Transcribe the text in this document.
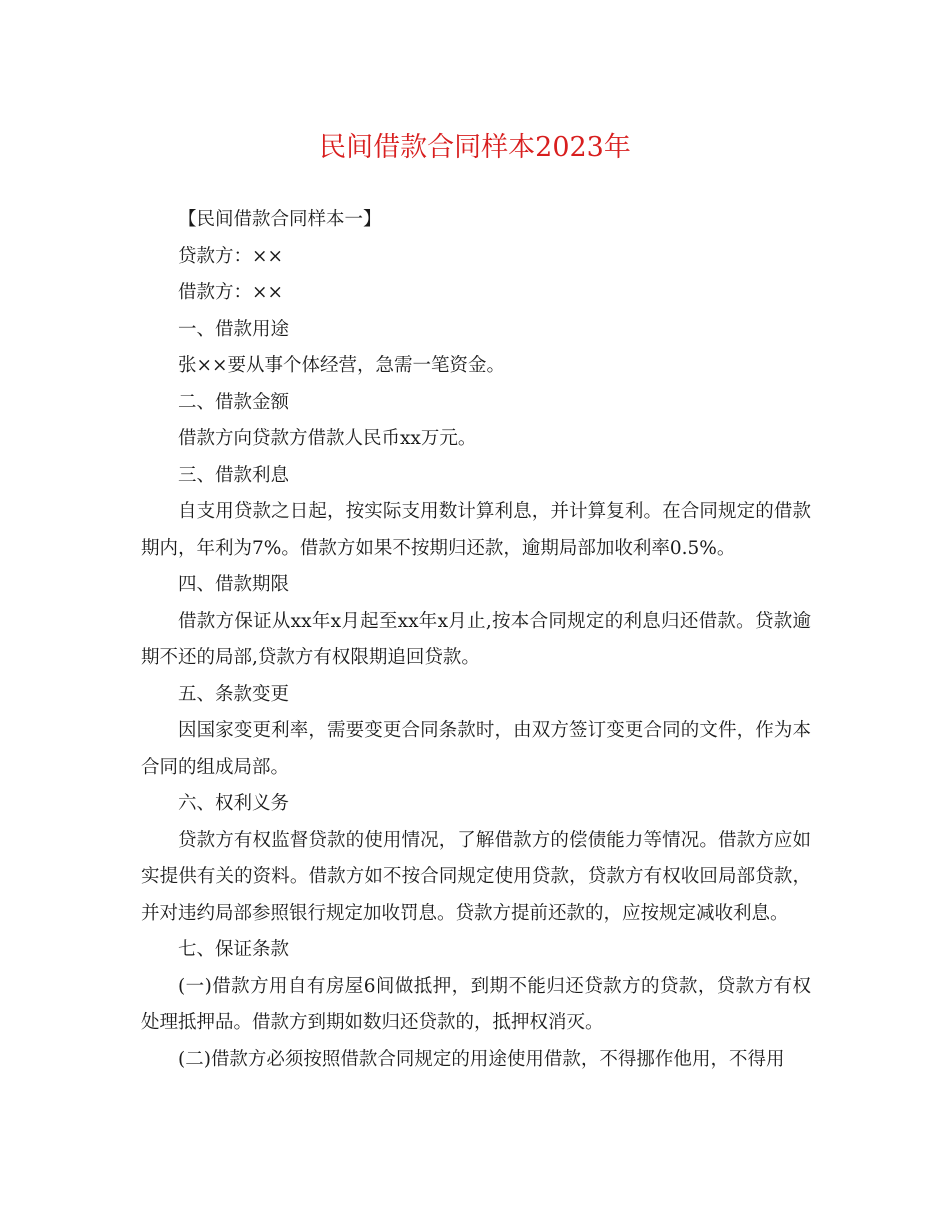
民间借款合同样本2023年

【民间借款合同样本一】

贷款方：××

借款方：××

一、借款用途

张××要从事个体经营，急需一笔资金。

二、借款金额

借款方向贷款方借款人民币xx万元。

三、借款利息

自支用贷款之日起，按实际支用数计算利息，并计算复利。在合同规定的借款期内，年利为7%。借款方如果不按期归还款，逾期局部加收利率0.5%。

四、借款期限

借款方保证从xx年x月起至xx年x月止,按本合同规定的利息归还借款。贷款逾期不还的局部,贷款方有权限期追回贷款。

五、条款变更

因国家变更利率，需要变更合同条款时，由双方签订变更合同的文件，作为本合同的组成局部。

六、权利义务

贷款方有权监督贷款的使用情况，了解借款方的偿债能力等情况。借款方应如实提供有关的资料。借款方如不按合同规定使用贷款，贷款方有权收回局部贷款，并对违约局部参照银行规定加收罚息。贷款方提前还款的，应按规定减收利息。

七、保证条款

(一)借款方用自有房屋6间做抵押，到期不能归还贷款方的贷款，贷款方有权处理抵押品。借款方到期如数归还贷款的，抵押权消灭。

(二)借款方必须按照借款合同规定的用途使用借款，不得挪作他用，不得用
